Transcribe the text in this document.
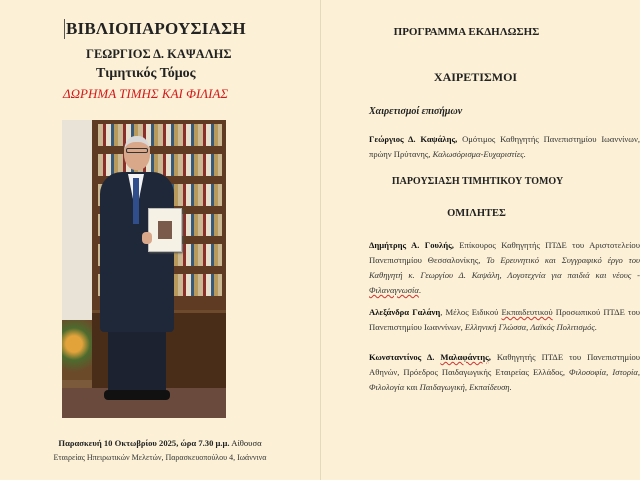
ΒΙΒΛΙΟΠΑΡΟΥΣΙΑΣΗ
ΓΕΩΡΓΙΟΣ Δ. ΚΑΨΑΛΗΣ
Τιμητικός Τόμος
ΔΩΡΗΜΑ ΤΙΜΗΣ ΚΑΙ ΦΙΛΙΑΣ
Παρασκευή 10 Οκτωβρίου 2025, ώρα 7.30 μ.μ. Αίθουσα
Εταιρείας Ηπειρωτικών Μελετών, Παρασκευοπούλου 4, Ιωάννινα
ΠΡΟΓΡΑΜΜΑ ΕΚΔΗΛΩΣΗΣ
ΧΑΙΡΕΤΙΣΜΟΙ
Χαιρετισμοί επισήμων
Γεώργιος Δ. Καψάλης, Ομότιμος Καθηγητής Πανεπιστημίου Ιωαννίνων, πρώην Πρύτανης, Καλωσόρισμα-Ευχαριστίες.
ΠΑΡΟΥΣΙΑΣΗ ΤΙΜΗΤΙΚΟΥ ΤΟΜΟΥ
ΟΜΙΛΗΤΕΣ
Δημήτρης Α. Γουλής, Επίκουρος Καθηγητής ΠΤΔΕ του Αριστοτελείου Πανεπιστημίου Θεσσαλονίκης, Το Ερευνητικό και Συγγραφικό έργο του Καθηγητή κ. Γεωργίου Δ. Καψάλη, Λογοτεχνία για παιδιά και νέους - Φιλαναγνωσία.
Αλεξάνδρα Γαλάνη, Μέλος Ειδικού Εκπαιδευτικού Προσωπικού ΠΤΔΕ του Πανεπιστημίου Ιωαννίνων, Ελληνική Γλώσσα, Λαϊκός Πολιτισμός.
Κωνσταντίνος Δ. Μαλαφάντης, Καθηγητής ΠΤΔΕ του Πανεπιστημίου Αθηνών, Πρόεδρος Παιδαγωγικής Εταιρείας Ελλάδος, Φιλοσοφία, Ιστορία, Φιλολογία και Παιδαγωγική, Εκπαίδευση.
